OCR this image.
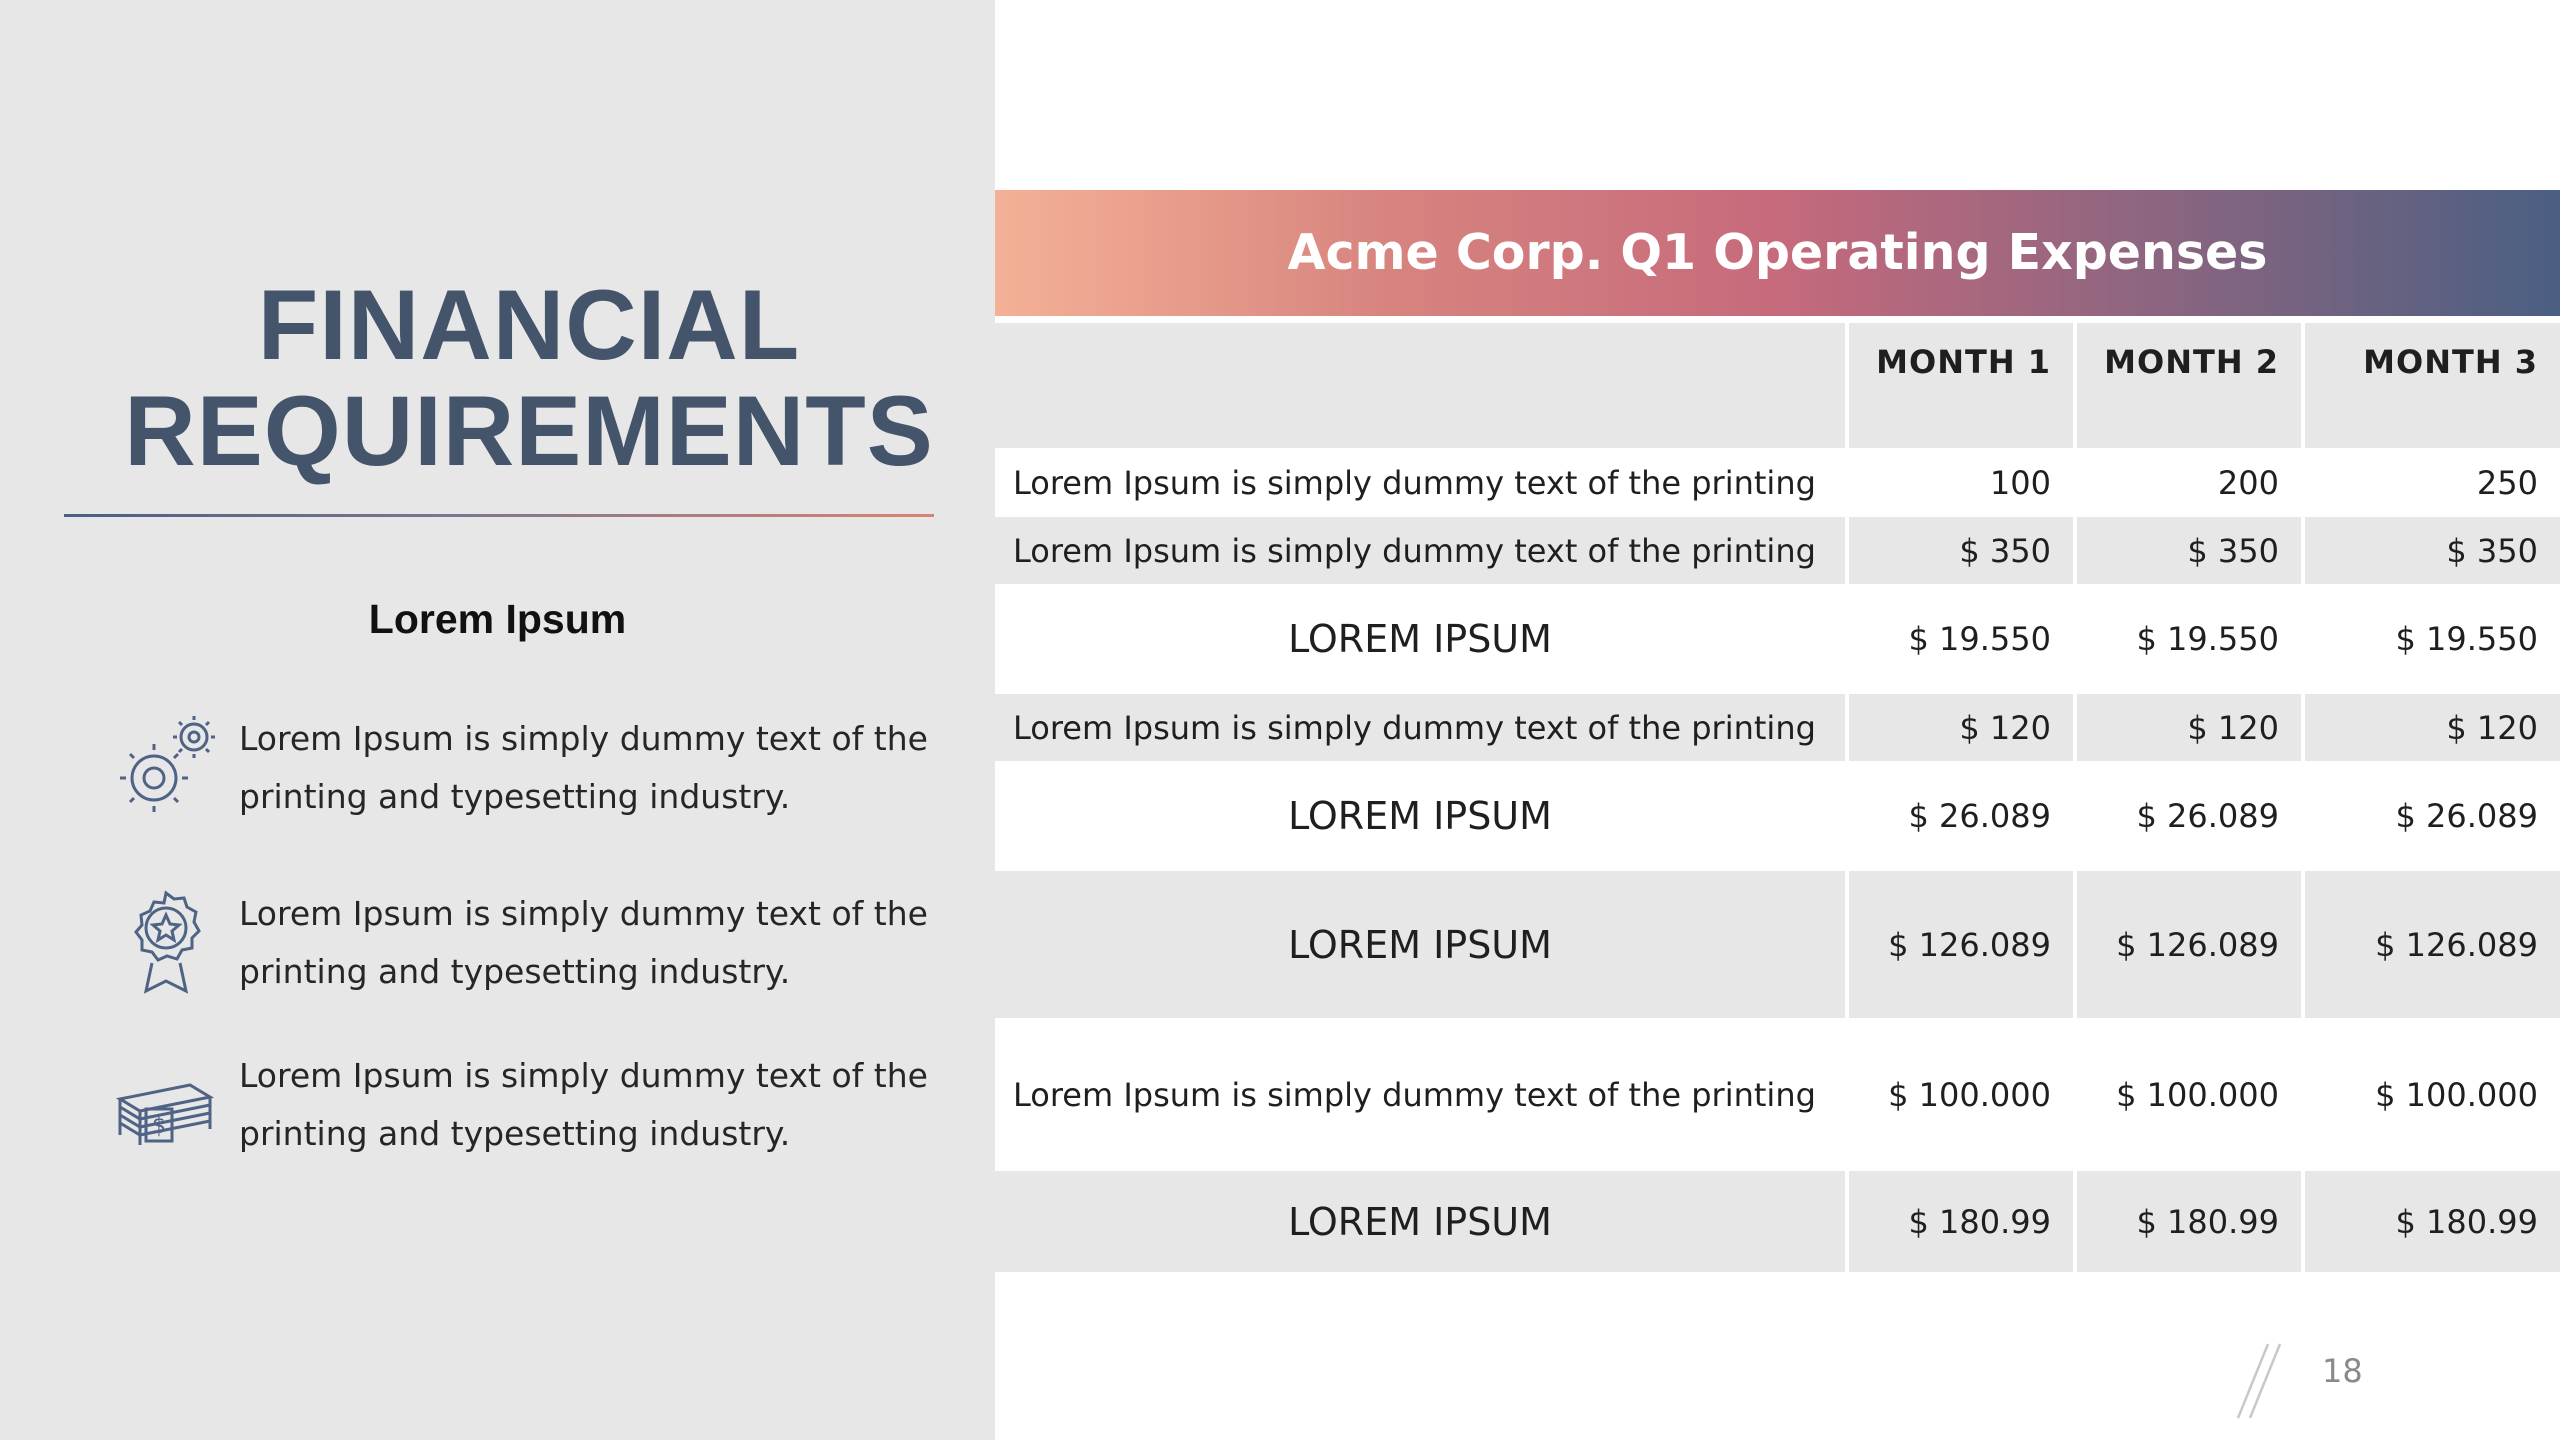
FINANCIAL
REQUIREMENTS
Lorem Ipsum

Lorem Ipsum is simply dummy text of the printing and typesetting industry.

Lorem Ipsum is simply dummy text of the printing and typesetting industry.

$

Lorem Ipsum is simply dummy text of the printing and typesetting industry.

Acme Corp. Q1 Operating Expenses
	MONTH 1	MONTH 2	MONTH 3
Lorem Ipsum is simply dummy text of the printing	100	200	250
Lorem Ipsum is simply dummy text of the printing	$ 350	$ 350	$ 350
LOREM IPSUM	$ 19.550	$ 19.550	$ 19.550
Lorem Ipsum is simply dummy text of the printing	$ 120	$ 120	$ 120
LOREM IPSUM	$ 26.089	$ 26.089	$ 26.089
LOREM IPSUM	$ 126.089	$ 126.089	$ 126.089
Lorem Ipsum is simply dummy text of the printing	$ 100.000	$ 100.000	$ 100.000
LOREM IPSUM	$ 180.99	$ 180.99	$ 180.99

18
